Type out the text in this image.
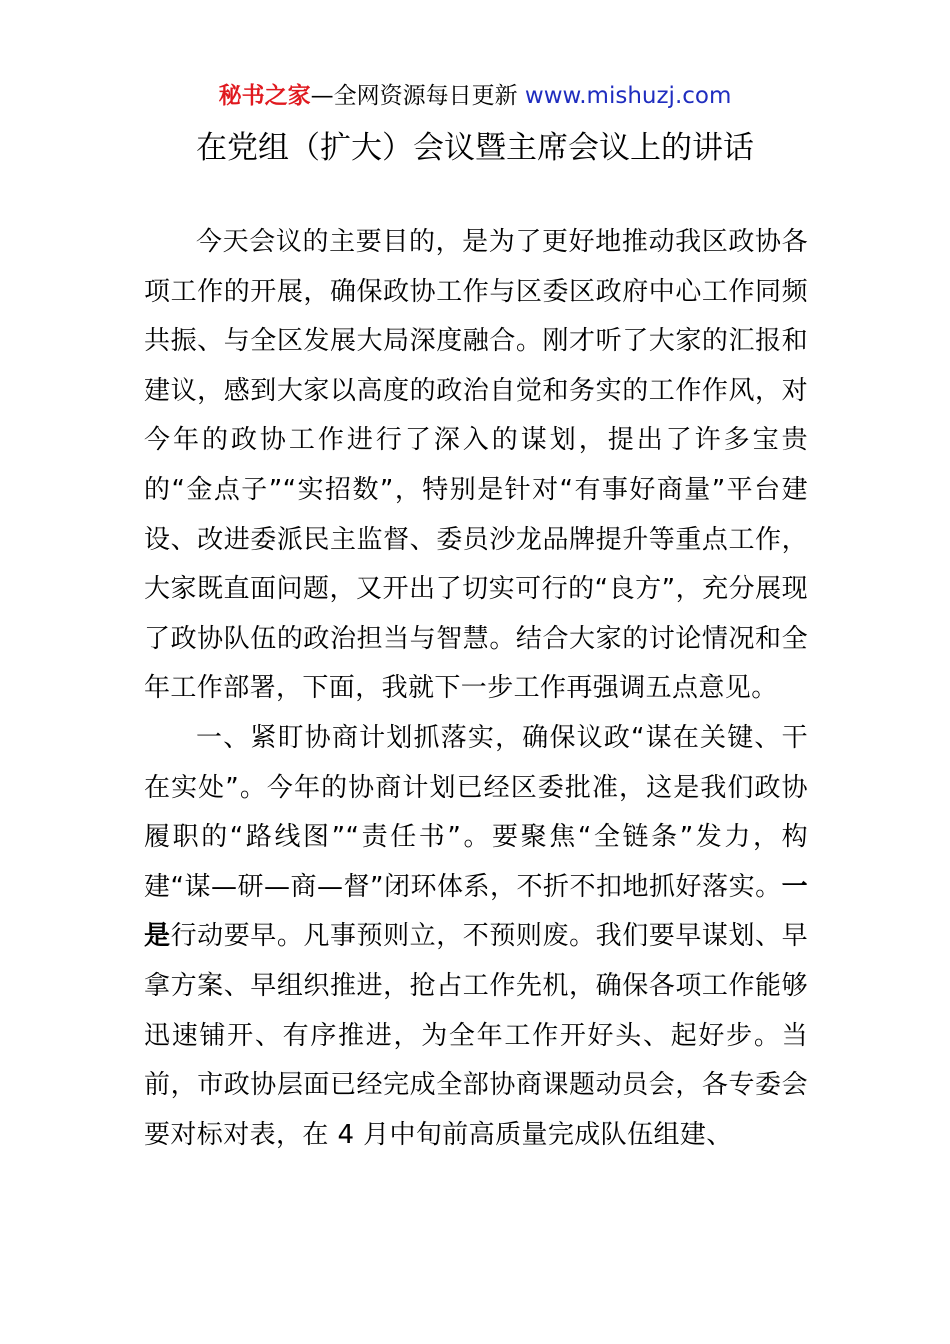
秘书之家—全网资源每日更新 www.mishuzj.com
在党组（扩大）会议暨主席会议上的讲话

今天会议的主要目的，是为了更好地推动我区政协各项工作的开展，确保政协工作与区委区政府中心工作同频共振、与全区发展大局深度融合。刚才听了大家的汇报和建议，感到大家以高度的政治自觉和务实的工作作风，对今年的政协工作进行了深入的谋划，提出了许多宝贵的“金点子”“实招数”，特别是针对“有事好商量”平台建设、改进委派民主监督、委员沙龙品牌提升等重点工作，大家既直面问题，又开出了切实可行的“良方”，充分展现了政协队伍的政治担当与智慧。结合大家的讨论情况和全年工作部署，下面，我就下一步工作再强调五点意见。

一、紧盯协商计划抓落实，确保议政“谋在关键、干在实处”。今年的协商计划已经区委批准，这是我们政协履职的“路线图”“责任书”。要聚焦“全链条”发力，构建“谋—研—商—督”闭环体系，不折不扣地抓好落实。一是行动要早。凡事预则立，不预则废。我们要早谋划、早拿方案、早组织推进，抢占工作先机，确保各项工作能够迅速铺开、有序推进，为全年工作开好头、起好步。当前，市政协层面已经完成全部协商课题动员会，各专委会要对标对表，在 4 月中旬前高质量完成队伍组建、
